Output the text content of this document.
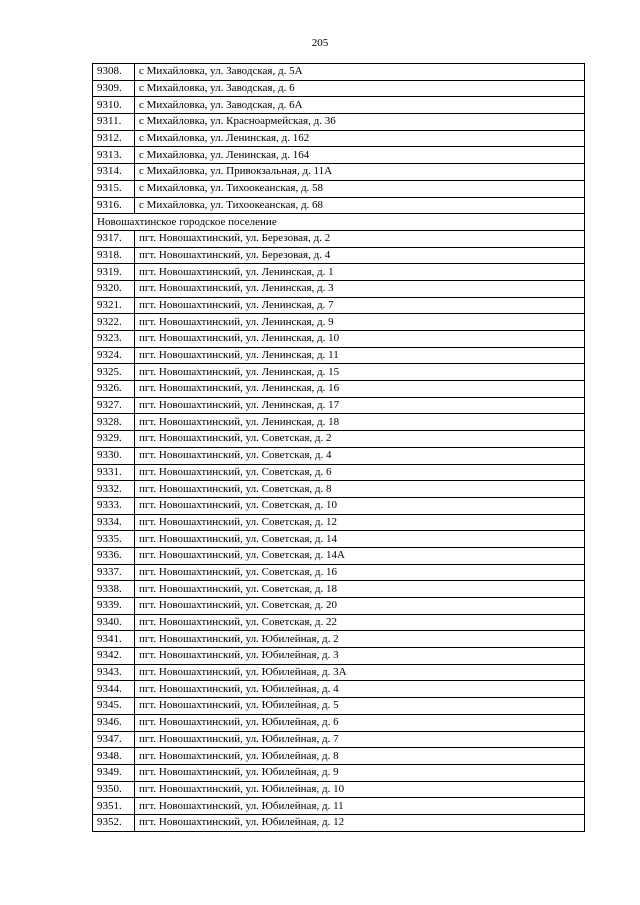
205
9308.	с Михайловка, ул. Заводская, д. 5А
9309.	с Михайловка, ул. Заводская, д. 6
9310.	с Михайловка, ул. Заводская, д. 6А
9311.	с Михайловка, ул. Красноармейская, д. 36
9312.	с Михайловка, ул. Ленинская, д. 162
9313.	с Михайловка, ул. Ленинская, д. 164
9314.	с Михайловка, ул. Привокзальная, д. 11А
9315.	с Михайловка, ул. Тихоокеанская, д. 58
9316.	с Михайловка, ул. Тихоокеанская, д. 68
Новошахтинское городское поселение	
9317.	пгт. Новошахтинский, ул. Березовая, д. 2
9318.	пгт. Новошахтинский, ул. Березовая, д. 4
9319.	пгт. Новошахтинский, ул. Ленинская, д. 1
9320.	пгт. Новошахтинский, ул. Ленинская, д. 3
9321.	пгт. Новошахтинский, ул. Ленинская, д. 7
9322.	пгт. Новошахтинский, ул. Ленинская, д. 9
9323.	пгт. Новошахтинский, ул. Ленинская, д. 10
9324.	пгт. Новошахтинский, ул. Ленинская, д. 11
9325.	пгт. Новошахтинский, ул. Ленинская, д. 15
9326.	пгт. Новошахтинский, ул. Ленинская, д. 16
9327.	пгт. Новошахтинский, ул. Ленинская, д. 17
9328.	пгт. Новошахтинский, ул. Ленинская, д. 18
9329.	пгт. Новошахтинский, ул. Советская, д. 2
9330.	пгт. Новошахтинский, ул. Советская, д. 4
9331.	пгт. Новошахтинский, ул. Советская, д. 6
9332.	пгт. Новошахтинский, ул. Советская, д. 8
9333.	пгт. Новошахтинский, ул. Советская, д. 10
9334.	пгт. Новошахтинский, ул. Советская, д. 12
9335.	пгт. Новошахтинский, ул. Советская, д. 14
9336.	пгт. Новошахтинский, ул. Советская, д. 14А
9337.	пгт. Новошахтинский, ул. Советская, д. 16
9338.	пгт. Новошахтинский, ул. Советская, д. 18
9339.	пгт. Новошахтинский, ул. Советская, д. 20
9340.	пгт. Новошахтинский, ул. Советская, д. 22
9341.	пгт. Новошахтинский, ул. Юбилейная, д. 2
9342.	пгт. Новошахтинский, ул. Юбилейная, д. 3
9343.	пгт. Новошахтинский, ул. Юбилейная, д. 3А
9344.	пгт. Новошахтинский, ул. Юбилейная, д. 4
9345.	пгт. Новошахтинский, ул. Юбилейная, д. 5
9346.	пгт. Новошахтинский, ул. Юбилейная, д. 6
9347.	пгт. Новошахтинский, ул. Юбилейная, д. 7
9348.	пгт. Новошахтинский, ул. Юбилейная, д. 8
9349.	пгт. Новошахтинский, ул. Юбилейная, д. 9
9350.	пгт. Новошахтинский, ул. Юбилейная, д. 10
9351.	пгт. Новошахтинский, ул. Юбилейная, д. 11
9352.	пгт. Новошахтинский, ул. Юбилейная, д. 12
